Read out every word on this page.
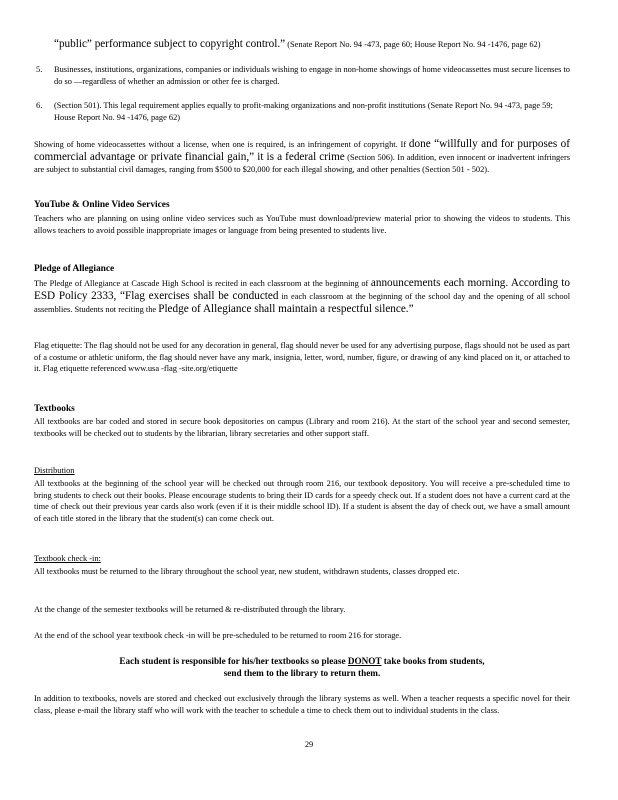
“public” performance subject to copyright control.” (Senate Report No. 94 -473, page 60; House Report No. 94 -1476, page 62)
5. Businesses, institutions, organizations, companies or individuals wishing to engage in non-home showings of home videocassettes must secure licenses to do so —regardless of whether an admission or other fee is charged.
6. (Section 501). This legal requirement applies equally to profit-making organizations and non-profit institutions (Senate Report No. 94 -473, page 59; House Report No. 94 -1476, page 62)
Showing of home videocassettes without a license, when one is required, is an infringement of copyright. If done “willfully and for purposes of commercial advantage or private financial gain,” it is a federal crime (Section 506). In addition, even innocent or inadvertent infringers are subject to substantial civil damages, ranging from $500 to $20,000 for each illegal showing, and other penalties (Section 501 - 502).
YouTube & Online Video Services
Teachers who are planning on using online video services such as YouTube must download/preview material prior to showing the videos to students. This allows teachers to avoid possible inappropriate images or language from being presented to students live.
Pledge of Allegiance
The Pledge of Allegiance at Cascade High School is recited in each classroom at the beginning of announcements each morning. According to ESD Policy 2333, “Flag exercises shall be conducted in each classroom at the beginning of the school day and the opening of all school assemblies. Students not reciting the Pledge of Allegiance shall maintain a respectful silence.”
Flag etiquette: The flag should not be used for any decoration in general, flag should never be used for any advertising purpose, flags should not be used as part of a costume or athletic uniform, the flag should never have any mark, insignia, letter, word, number, figure, or drawing of any kind placed on it, or attached to it. Flag etiquette referenced www.usa -flag -site.org/etiquette
Textbooks
All textbooks are bar coded and stored in secure book depositories on campus (Library and room 216). At the start of the school year and second semester, textbooks will be checked out to students by the librarian, library secretaries and other support staff.
Distribution
All textbooks at the beginning of the school year will be checked out through room 216, our textbook depository. You will receive a pre-scheduled time to bring students to check out their books. Please encourage students to bring their ID cards for a speedy check out. If a student does not have a current card at the time of check out their previous year cards also work (even if it is their middle school ID). If a student is absent the day of check out, we have a small amount of each title stored in the library that the student(s) can come check out.
Textbook check -in:
All textbooks must be returned to the library throughout the school year, new student, withdrawn students, classes dropped etc.
At the change of the semester textbooks will be returned & re-distributed through the library.
At the end of the school year textbook check -in will be pre-scheduled to be returned to room 216 for storage.
Each student is responsible for his/her textbooks so please DONOT take books from students,
send them to the library to return them.
In addition to textbooks, novels are stored and checked out exclusively through the library systems as well. When a teacher requests a specific novel for their class, please e-mail the library staff who will work with the teacher to schedule a time to check them out to individual students in the class.
29
